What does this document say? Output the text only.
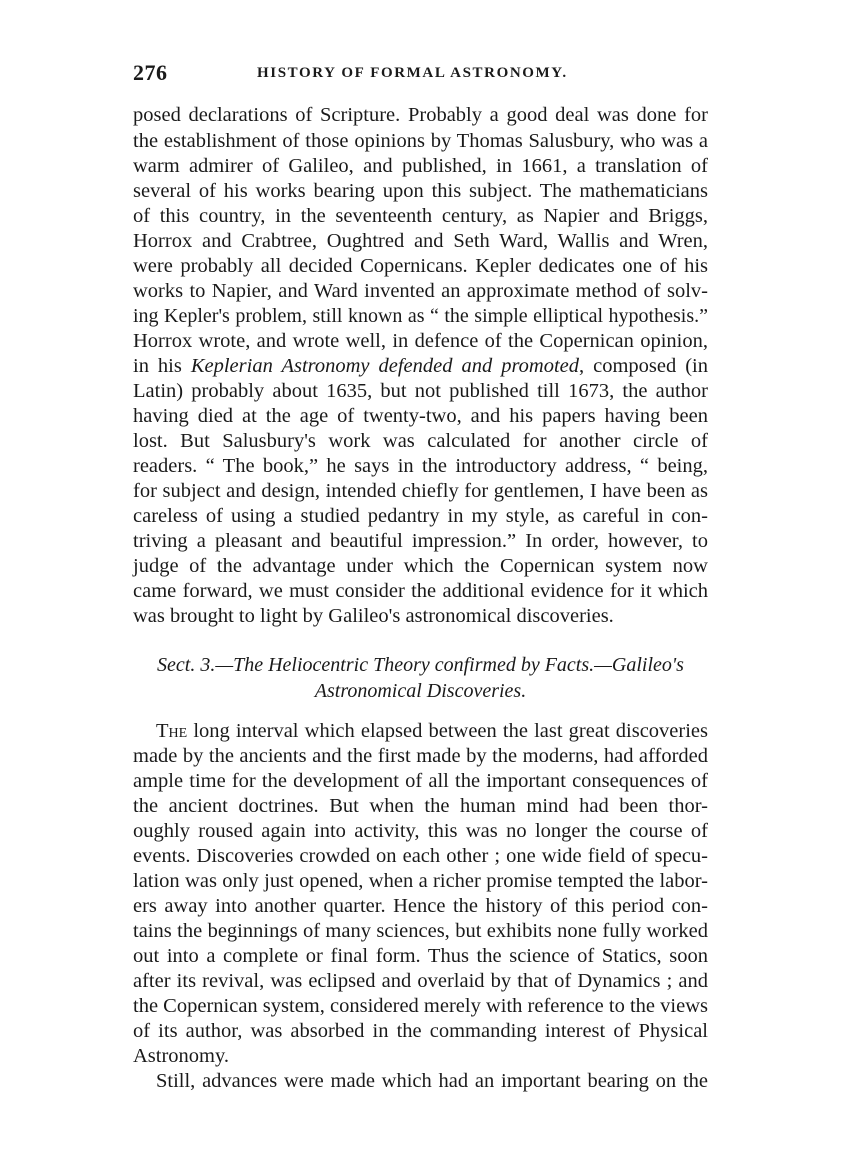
276	HISTORY OF FORMAL ASTRONOMY.
posed declarations of Scripture. Probably a good deal was done for
the establishment of those opinions by Thomas Salusbury, who was a
warm admirer of Galileo, and published, in 1661, a translation of
several of his works bearing upon this subject. The mathematicians
of this country, in the seventeenth century, as Napier and Briggs,
Horrox and Crabtree, Oughtred and Seth Ward, Wallis and Wren,
were probably all decided Copernicans. Kepler dedicates one of his
works to Napier, and Ward invented an approximate method of solv-
ing Kepler's problem, still known as “ the simple elliptical hypothesis.”
Horrox wrote, and wrote well, in defence of the Copernican opinion,
in his Keplerian Astronomy defended and promoted, composed (in
Latin) probably about 1635, but not published till 1673, the author
having died at the age of twenty-two, and his papers having been
lost. But Salusbury's work was calculated for another circle of
readers. “ The book,” he says in the introductory address, “ being,
for subject and design, intended chiefly for gentlemen, I have been as
careless of using a studied pedantry in my style, as careful in con-
triving a pleasant and beautiful impression.” In order, however, to
judge of the advantage under which the Copernican system now
came forward, we must consider the additional evidence for it which
was brought to light by Galileo's astronomical discoveries.
Sect. 3.—The Heliocentric Theory confirmed by Facts.—Galileo's
Astronomical Discoveries.
The long interval which elapsed between the last great discoveries
made by the ancients and the first made by the moderns, had afforded
ample time for the development of all the important consequences of
the ancient doctrines. But when the human mind had been thor-
oughly roused again into activity, this was no longer the course of
events. Discoveries crowded on each other ; one wide field of specu-
lation was only just opened, when a richer promise tempted the labor-
ers away into another quarter. Hence the history of this period con-
tains the beginnings of many sciences, but exhibits none fully worked
out into a complete or final form. Thus the science of Statics, soon
after its revival, was eclipsed and overlaid by that of Dynamics ; and
the Copernican system, considered merely with reference to the views
of its author, was absorbed in the commanding interest of Physical
Astronomy.
Still, advances were made which had an important bearing on the
